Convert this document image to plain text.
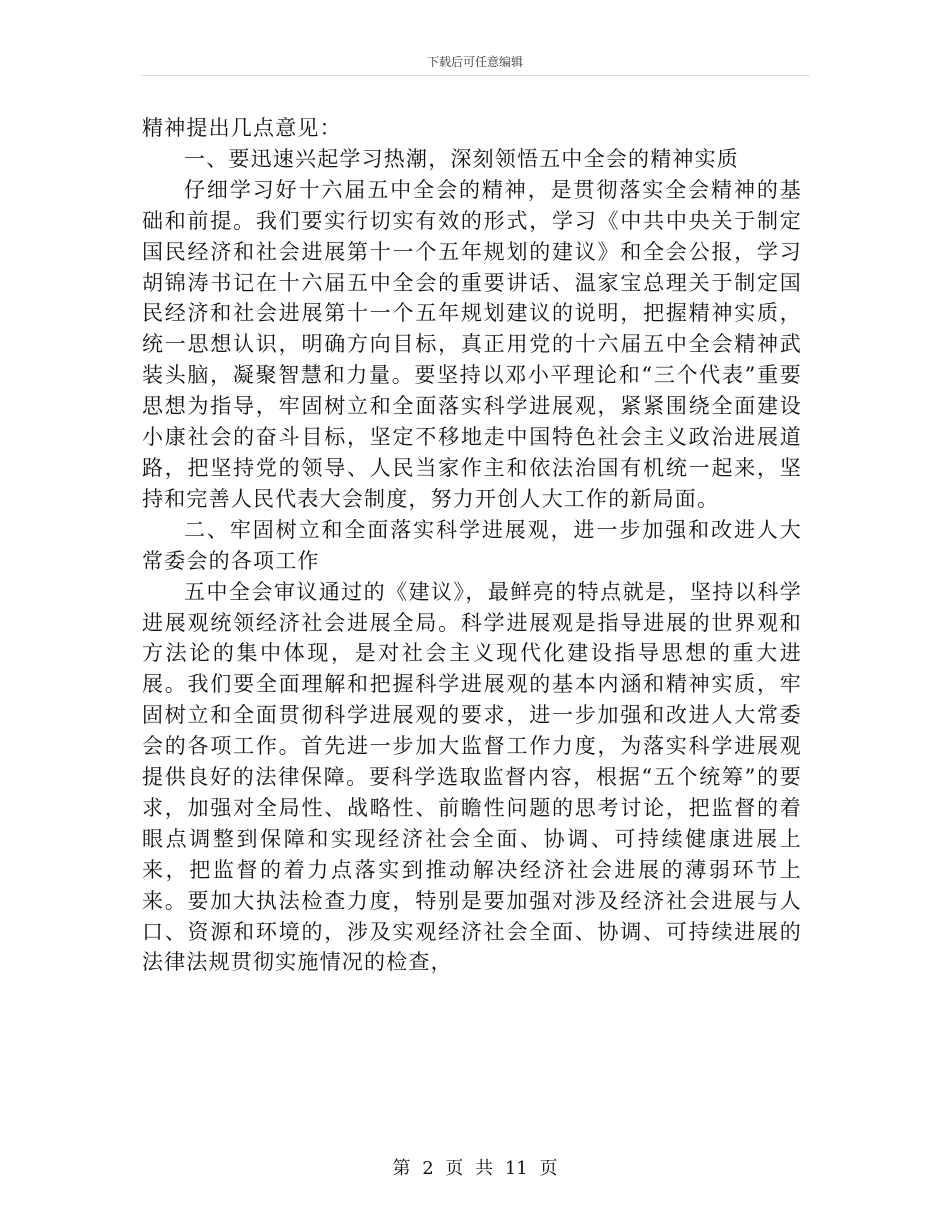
下载后可任意编辑

精神提出几点意见：

一、要迅速兴起学习热潮，深刻领悟五中全会的精神实质

仔细学习好十六届五中全会的精神，是贯彻落实全会精神的基础和前提。我们要实行切实有效的形式，学习《中共中央关于制定国民经济和社会进展第十一个五年规划的建议》和全会公报，学习胡锦涛书记在十六届五中全会的重要讲话、温家宝总理关于制定国民经济和社会进展第十一个五年规划建议的说明，把握精神实质，统一思想认识，明确方向目标，真正用党的十六届五中全会精神武装头脑，凝聚智慧和力量。要坚持以邓小平理论和“三个代表”重要思想为指导，牢固树立和全面落实科学进展观，紧紧围绕全面建设小康社会的奋斗目标，坚定不移地走中国特色社会主义政治进展道路，把坚持党的领导、人民当家作主和依法治国有机统一起来，坚持和完善人民代表大会制度，努力开创人大工作的新局面。

二、牢固树立和全面落实科学进展观，进一步加强和改进人大常委会的各项工作

五中全会审议通过的《建议》，最鲜亮的特点就是，坚持以科学进展观统领经济社会进展全局。科学进展观是指导进展的世界观和方法论的集中体现，是对社会主义现代化建设指导思想的重大进展。我们要全面理解和把握科学进展观的基本内涵和精神实质，牢固树立和全面贯彻科学进展观的要求，进一步加强和改进人大常委会的各项工作。首先进一步加大监督工作力度，为落实科学进展观提供良好的法律保障。要科学选取监督内容，根据“五个统筹”的要求，加强对全局性、战略性、前瞻性问题的思考讨论，把监督的着眼点调整到保障和实现经济社会全面、协调、可持续健康进展上来，把监督的着力点落实到推动解决经济社会进展的薄弱环节上来。要加大执法检查力度，特别是要加强对涉及经济社会进展与人口、资源和环境的，涉及实观经济社会全面、协调、可持续进展的法律法规贯彻实施情况的检查，

第 2 页 共 11 页
